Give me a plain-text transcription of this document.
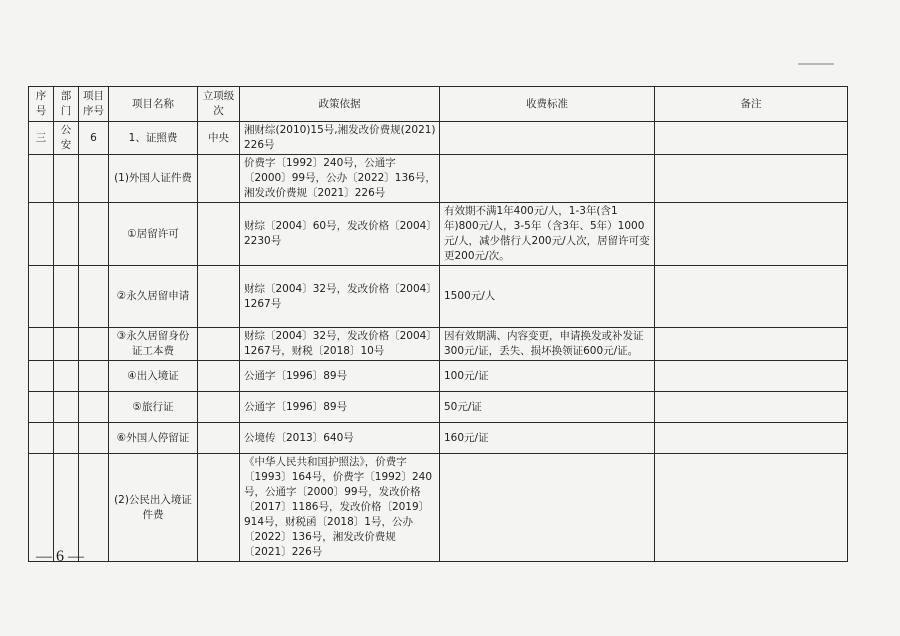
序号	部门	项目序号	项目名称	立项级次	政策依据	收费标准	备注
三	公安	6	1、证照费	中央	湘财综(2010)15号,湘发改价费规(2021) 226号		
			(1)外国人证件费		价费字〔1992〕240号，公通字〔2000〕99号，公办〔2022〕136号，湘发改价费规〔2021〕226号		
			①居留许可		财综〔2004〕60号，发改价格〔2004〕2230号	有效期不满1年400元/人，1-3年(含1年)800元/人，3-5年（含3年、5年）1000元/人，减少偕行人200元/人次，居留许可变更200元/次。	
			②永久居留申请		财综〔2004〕32号，发改价格〔2004〕1267号	1500元/人	
			③永久居留身份证工本费		财综〔2004〕32号，发改价格〔2004〕1267号，财税〔2018〕10号	因有效期满、内容变更，申请换发或补发证300元/证，丢失、损坏换领证600元/证。	
			④出入境证		公通字〔1996〕89号	100元/证	
			⑤旅行证		公通字〔1996〕89号	50元/证	
			⑥外国人停留证		公境传〔2013〕640号	160元/证	
			(2)公民出入境证件费		《中华人民共和国护照法》，价费字〔1993〕164号，价费字〔1992〕240号，公通字〔2000〕99号，发改价格〔2017〕1186号，发改价格〔2019〕914号，财税函〔2018〕1号，公办〔2022〕136号，湘发改价费规〔2021〕226号		
— 6 —
